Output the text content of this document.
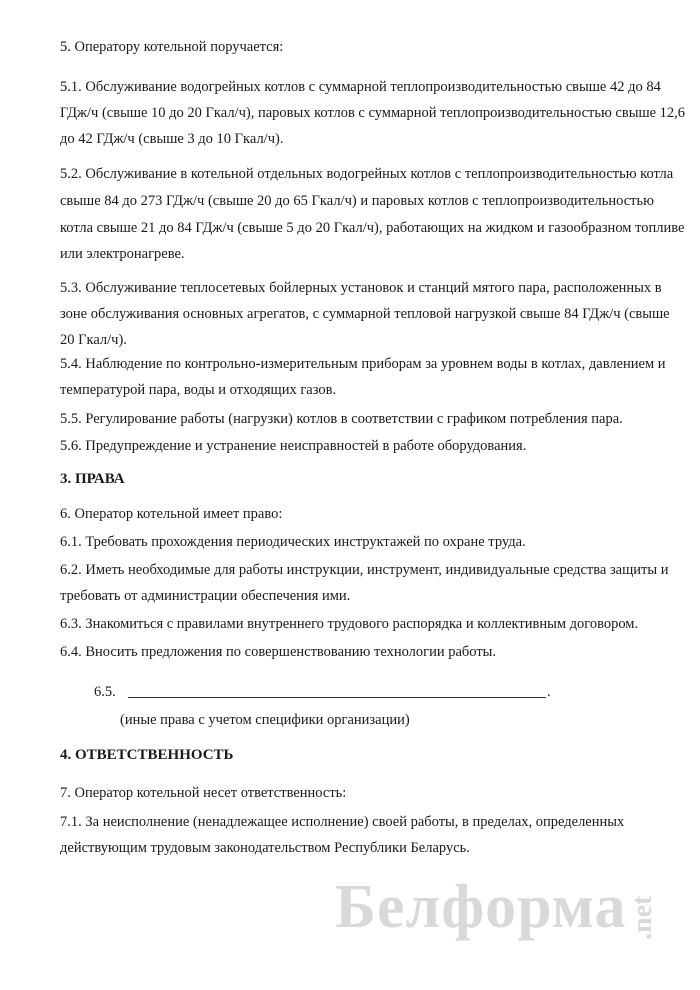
5. Оператору котельной поручается:
5.1. Обслуживание водогрейных котлов с суммарной теплопроизводительностью свыше 42 до 84
ГДж/ч (свыше 10 до 20 Гкал/ч), паровых котлов с суммарной теплопроизводительностью свыше 12,6
до 42 ГДж/ч (свыше 3 до 10 Гкал/ч).
5.2. Обслуживание в котельной отдельных водогрейных котлов с теплопроизводительностью котла
свыше 84 до 273 ГДж/ч (свыше 20 до 65 Гкал/ч) и паровых котлов с теплопроизводительностью
котла свыше 21 до 84 ГДж/ч (свыше 5 до 20 Гкал/ч), работающих на жидком и газообразном топливе
или электронагреве.
5.3. Обслуживание теплосетевых бойлерных установок и станций мятого пара, расположенных в
зоне обслуживания основных агрегатов, с суммарной тепловой нагрузкой свыше 84 ГДж/ч (свыше
20 Гкал/ч).
5.4. Наблюдение по контрольно-измерительным приборам за уровнем воды в котлах, давлением и
температурой пара, воды и отходящих газов.
5.5. Регулирование работы (нагрузки) котлов в соответствии с графиком потребления пара.
5.6. Предупреждение и устранение неисправностей в работе оборудования.
3. ПРАВА
6. Оператор котельной имеет право:
6.1. Требовать прохождения периодических инструктажей по охране труда.
6.2. Иметь необходимые для работы инструкции, инструмент, индивидуальные средства защиты и
требовать от администрации обеспечения ими.
6.3. Знакомиться с правилами внутреннего трудового распорядка и коллективным договором.
6.4. Вносить предложения по совершенствованию технологии работы.
6.5.	.
(иные права с учетом специфики организации)
4. ОТВЕТСТВЕННОСТЬ
7. Оператор котельной несет ответственность:
7.1. За неисполнение (ненадлежащее исполнение) своей работы, в пределах, определенных
действующим трудовым законодательством Республики Беларусь.
Белформа .net
